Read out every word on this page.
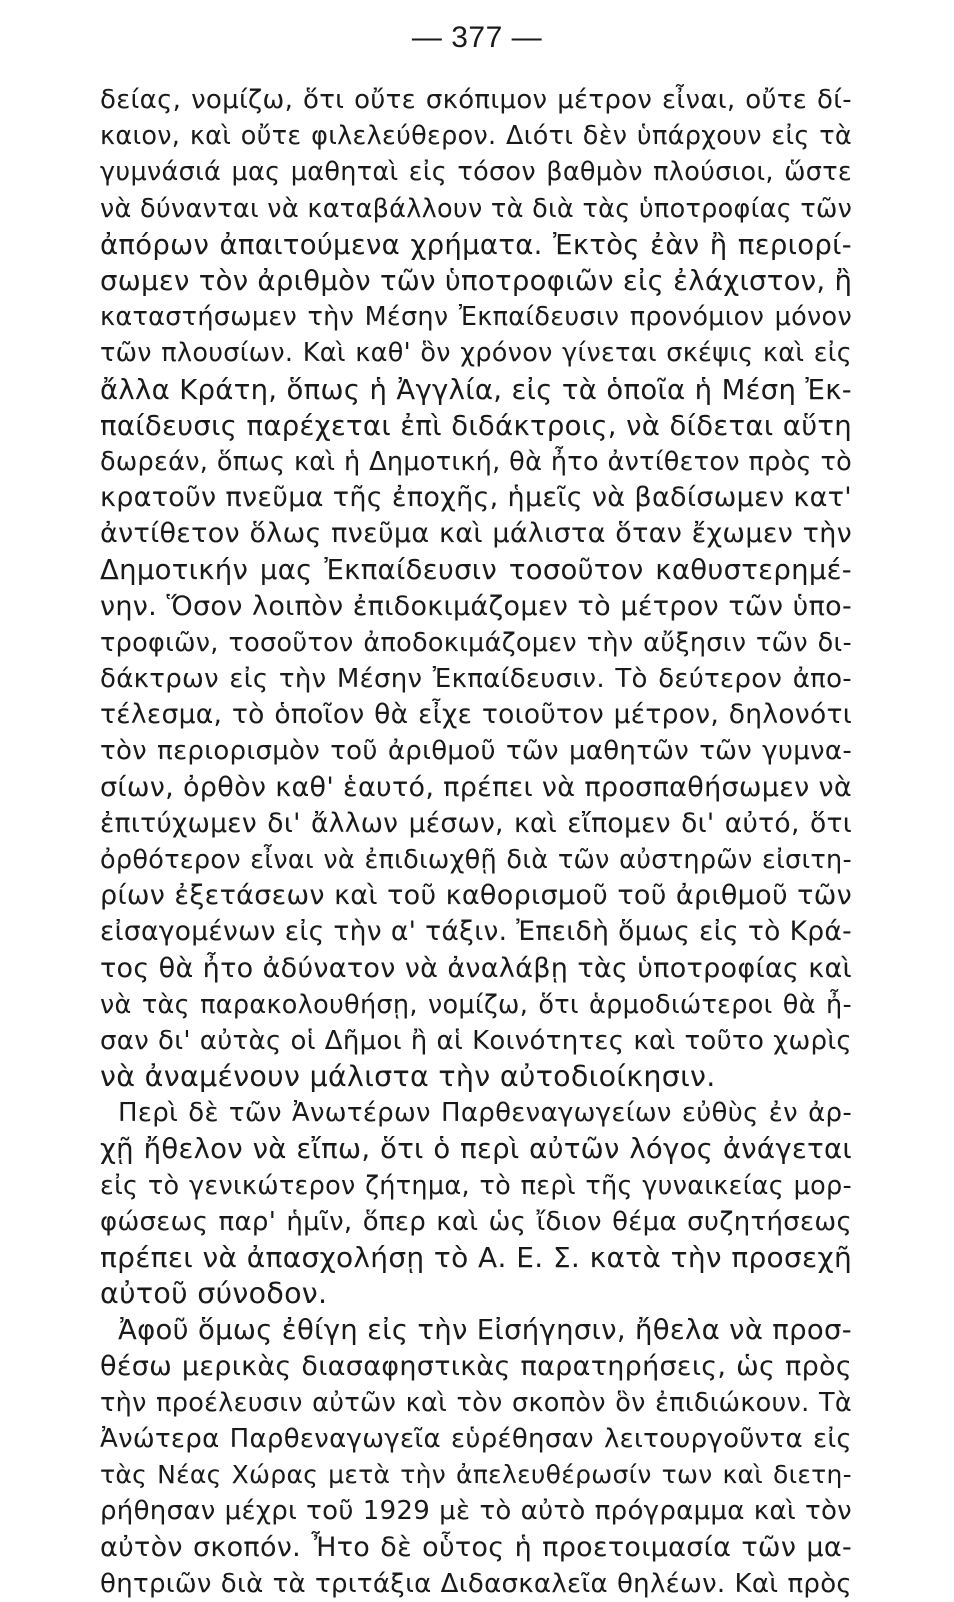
— 377 —
δείας, νομίζω, ὅτι οὔτε σκόπιμον μέτρον εἶναι, οὔτε δί-
καιον, καὶ οὔτε φιλελεύθερον. Διότι δὲν ὑπάρχουν εἰς τὰ
γυμνάσιά μας μαθηταὶ εἰς τόσον βαθμὸν πλούσιοι, ὥστε
νὰ δύνανται νὰ καταβάλλουν τὰ διὰ τὰς ὑποτροφίας τῶν
ἀπόρων ἀπαιτούμενα χρήματα. Ἐκτὸς ἐὰν ἢ περιορί-
σωμεν τὸν ἀριθμὸν τῶν ὑποτροφιῶν εἰς ἐλάχιστον, ἢ
καταστήσωμεν τὴν Μέσην Ἐκπαίδευσιν προνόμιον μόνον
τῶν πλουσίων. Καὶ καθ' ὃν χρόνον γίνεται σκέψις καὶ εἰς
ἄλλα Κράτη, ὅπως ἡ Ἀγγλία, εἰς τὰ ὁποῖα ἡ Μέση Ἐκ-
παίδευσις παρέχεται ἐπὶ διδάκτροις, νὰ δίδεται αὕτη
δωρεάν, ὅπως καὶ ἡ Δημοτική, θὰ ἦτο ἀντίθετον πρὸς τὸ
κρατοῦν πνεῦμα τῆς ἐποχῆς, ἡμεῖς νὰ βαδίσωμεν κατ'
ἀντίθετον ὅλως πνεῦμα καὶ μάλιστα ὅταν ἔχωμεν τὴν
Δημοτικήν μας Ἐκπαίδευσιν τοσοῦτον καθυστερημέ-
νην. Ὅσον λοιπὸν ἐπιδοκιμάζομεν τὸ μέτρον τῶν ὑπο-
τροφιῶν, τοσοῦτον ἀποδοκιμάζομεν τὴν αὔξησιν τῶν δι-
δάκτρων εἰς τὴν Μέσην Ἐκπαίδευσιν. Τὸ δεύτερον ἀπο-
τέλεσμα, τὸ ὁποῖον θὰ εἶχε τοιοῦτον μέτρον, δηλονότι
τὸν περιορισμὸν τοῦ ἀριθμοῦ τῶν μαθητῶν τῶν γυμνα-
σίων, ὀρθὸν καθ' ἑαυτό, πρέπει νὰ προσπαθήσωμεν νὰ
ἐπιτύχωμεν δι' ἄλλων μέσων, καὶ εἴπομεν δι' αὐτό, ὅτι
ὀρθότερον εἶναι νὰ ἐπιδιωχθῇ διὰ τῶν αὐστηρῶν εἰσιτη-
ρίων ἐξετάσεων καὶ τοῦ καθορισμοῦ τοῦ ἀριθμοῦ τῶν
εἰσαγομένων εἰς τὴν α' τάξιν. Ἐπειδὴ ὅμως εἰς τὸ Κρά-
τος θὰ ἦτο ἀδύνατον νὰ ἀναλάβῃ τὰς ὑποτροφίας καὶ
νὰ τὰς παρακολουθήσῃ, νομίζω, ὅτι ἁρμοδιώτεροι θὰ ἦ-
σαν δι' αὐτὰς οἱ Δῆμοι ἢ αἱ Κοινότητες καὶ τοῦτο χωρὶς
νὰ ἀναμένουν μάλιστα τὴν αὐτοδιοίκησιν.
Περὶ δὲ τῶν Ἀνωτέρων Παρθεναγωγείων εὐθὺς ἐν ἀρ-
χῇ ἤθελον νὰ εἴπω, ὅτι ὁ περὶ αὐτῶν λόγος ἀνάγεται
εἰς τὸ γενικώτερον ζήτημα, τὸ περὶ τῆς γυναικείας μορ-
φώσεως παρ' ἡμῖν, ὅπερ καὶ ὡς ἴδιον θέμα συζητήσεως
πρέπει νὰ ἀπασχολήσῃ τὸ Α. Ε. Σ. κατὰ τὴν προσεχῆ
αὐτοῦ σύνοδον.
Ἀφοῦ ὅμως ἐθίγη εἰς τὴν Εἰσήγησιν, ἤθελα νὰ προσ-
θέσω μερικὰς διασαφηστικὰς παρατηρήσεις, ὡς πρὸς
τὴν προέλευσιν αὐτῶν καὶ τὸν σκοπὸν ὃν ἐπιδιώκουν. Τὰ
Ἀνώτερα Παρθεναγωγεῖα εὑρέθησαν λειτουργοῦντα εἰς
τὰς Νέας Χώρας μετὰ τὴν ἀπελευθέρωσίν των καὶ διετη-
ρήθησαν μέχρι τοῦ 1929 μὲ τὸ αὐτὸ πρόγραμμα καὶ τὸν
αὐτὸν σκοπόν. Ἦτο δὲ οὗτος ἡ προετοιμασία τῶν μα-
θητριῶν διὰ τὰ τριτάξια Διδασκαλεῖα θηλέων. Καὶ πρὸς
